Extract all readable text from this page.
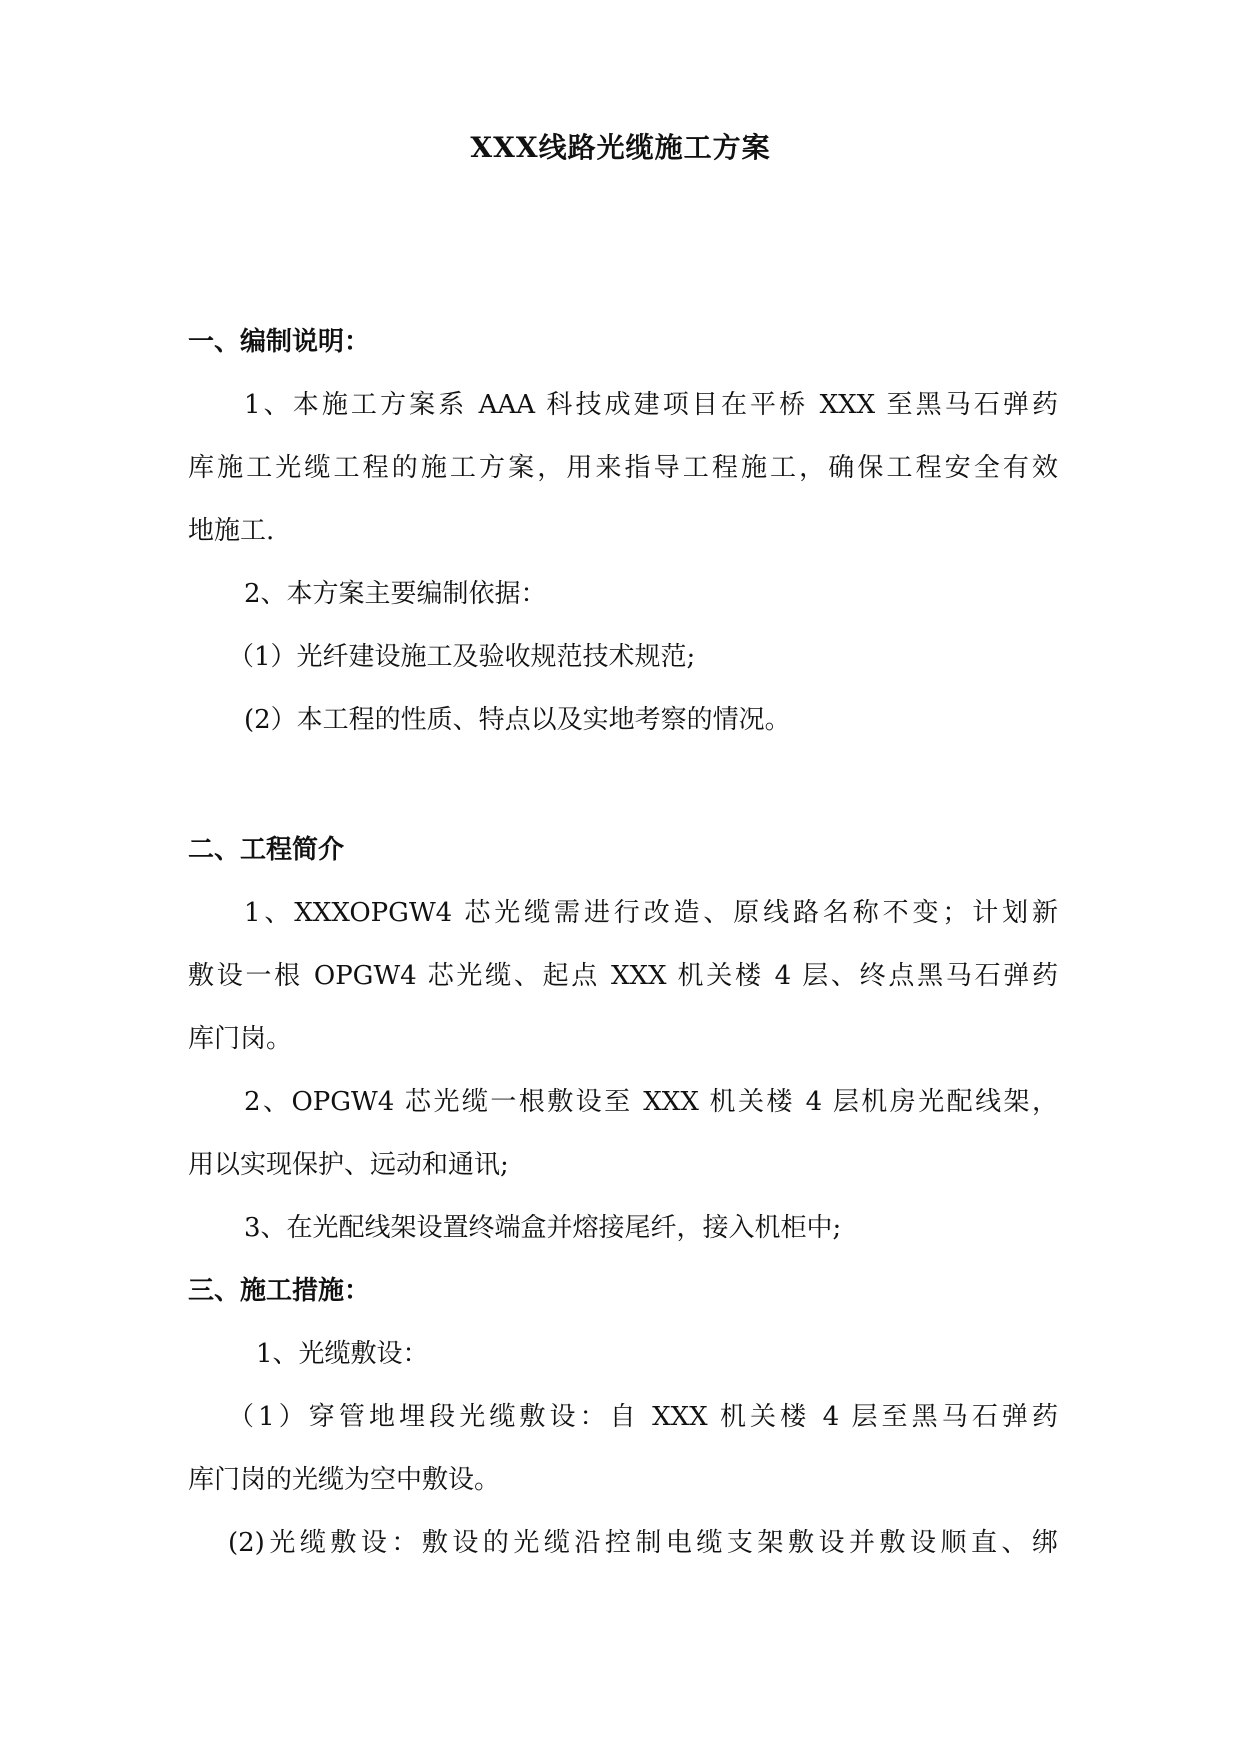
XXX线路光缆施工方案
一、编制说明：
1、本施工方案系 AAA 科技成建项目在平桥 XXX 至黑马石弹药
库施工光缆工程的施工方案，用来指导工程施工，确保工程安全有效
地施工.
2、本方案主要编制依据：
（1）光纤建设施工及验收规范技术规范;
(2）本工程的性质、特点以及实地考察的情况。
二、工程简介
1、XXXOPGW4 芯光缆需进行改造、原线路名称不变；计划新
敷设一根 OPGW4 芯光缆、起点 XXX 机关楼 4 层、终点黑马石弹药
库门岗。
2、OPGW4 芯光缆一根敷设至 XXX 机关楼 4 层机房光配线架，
用以实现保护、远动和通讯;
3、在光配线架设置终端盒并熔接尾纤，接入机柜中;
三、施工措施：
1、光缆敷设：
（1）穿管地埋段光缆敷设：自 XXX 机关楼 4 层至黑马石弹药
库门岗的光缆为空中敷设。
(2)光缆敷设：敷设的光缆沿控制电缆支架敷设并敷设顺直、绑
